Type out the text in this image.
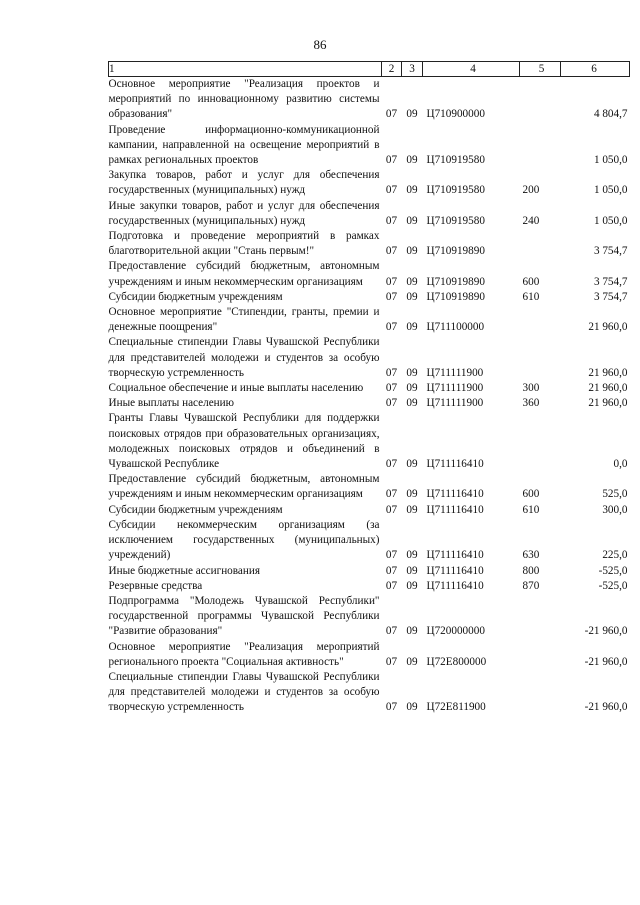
86
1	2	3	4	5	6
Основное мероприятие "Реализация проектов и мероприятий по инновационному развитию системы образования"	07	09	Ц710900000		4 804,7
Проведение информационно-коммуникационной кампании, направленной на освещение мероприятий в рамках региональных проектов	07	09	Ц710919580		1 050,0
Закупка товаров, работ и услуг для обеспечения государственных (муниципальных) нужд	07	09	Ц710919580	200	1 050,0
Иные закупки товаров, работ и услуг для обеспечения государственных (муниципальных) нужд	07	09	Ц710919580	240	1 050,0
Подготовка и проведение мероприятий в рамках благотворительной акции "Стань первым!"	07	09	Ц710919890		3 754,7
Предоставление субсидий бюджетным, автономным учреждениям и иным некоммерческим организациям	07	09	Ц710919890	600	3 754,7
Субсидии бюджетным учреждениям	07	09	Ц710919890	610	3 754,7
Основное мероприятие "Стипендии, гранты, премии и денежные поощрения"	07	09	Ц711100000		21 960,0
Специальные стипендии Главы Чувашской Республики для представителей молодежи и студентов за особую творческую устремленность	07	09	Ц711111900		21 960,0
Социальное обеспечение и иные выплаты населению	07	09	Ц711111900	300	21 960,0
Иные выплаты населению	07	09	Ц711111900	360	21 960,0
Гранты Главы Чувашской Республики для поддержки поисковых отрядов при образовательных организациях, молодежных поисковых отрядов и объединений в Чувашской Республике	07	09	Ц711116410		0,0
Предоставление субсидий бюджетным, автономным учреждениям и иным некоммерческим организациям	07	09	Ц711116410	600	525,0
Субсидии бюджетным учреждениям	07	09	Ц711116410	610	300,0
Субсидии некоммерческим организациям (за исключением государственных (муниципальных) учреждений)	07	09	Ц711116410	630	225,0
Иные бюджетные ассигнования	07	09	Ц711116410	800	-525,0
Резервные средства	07	09	Ц711116410	870	-525,0
Подпрограмма "Молодежь Чувашской Республики" государственной программы Чувашской Республики "Развитие образования"	07	09	Ц720000000		-21 960,0
Основное мероприятие "Реализация мероприятий регионального проекта "Социальная активность"	07	09	Ц72Е800000		-21 960,0
Специальные стипендии Главы Чувашской Республики для представителей молодежи и студентов за особую творческую устремленность	07	09	Ц72Е811900		-21 960,0
